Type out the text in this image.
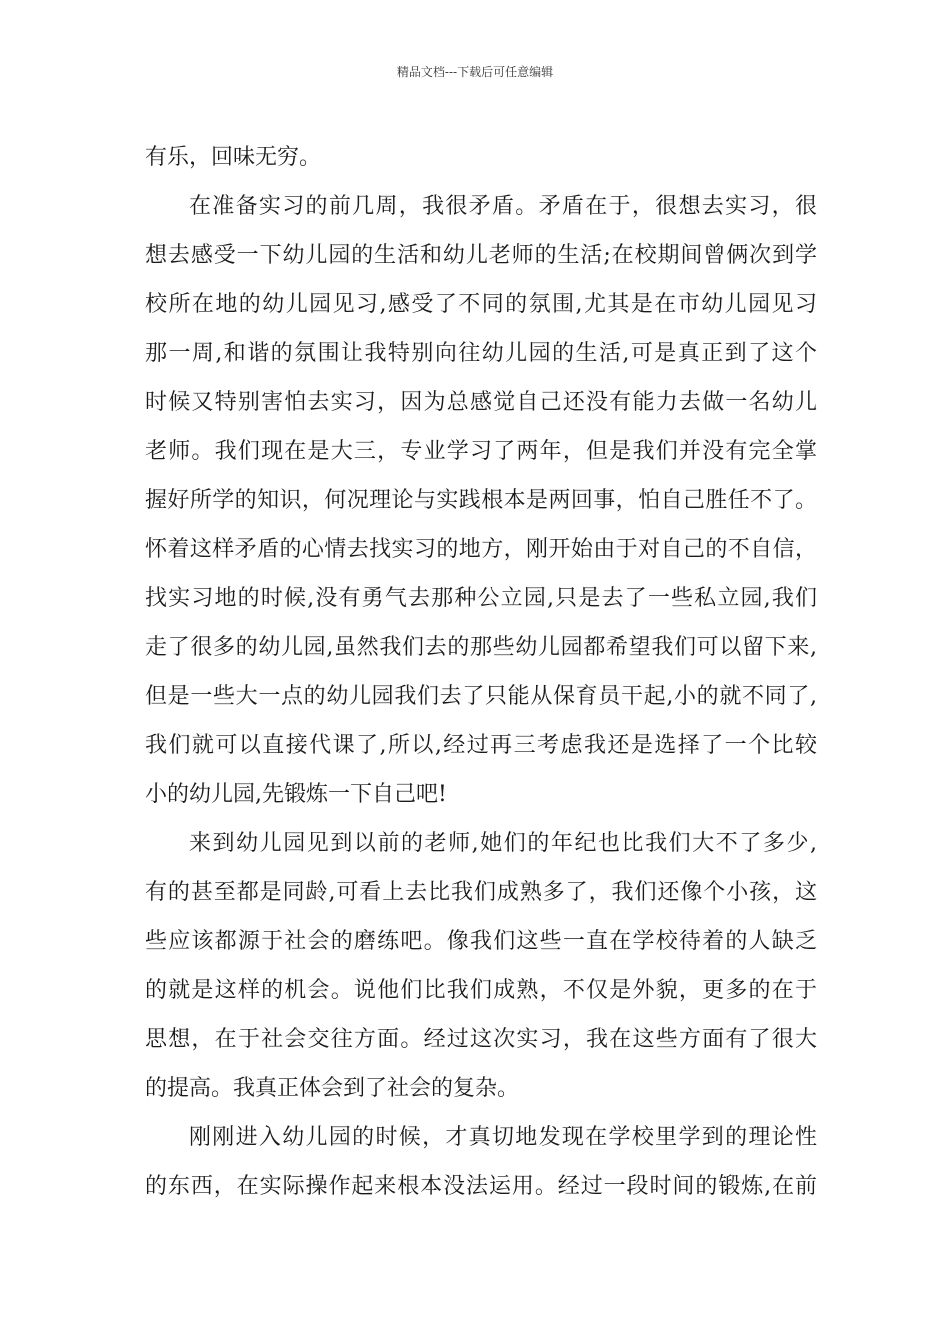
精品文档---下载后可任意编辑
有乐，回味无穷。
在准备实习的前几周，我很矛盾。矛盾在于，很想去实习，很
想去感受一下幼儿园的生活和幼儿老师的生活;在校期间曾俩次到学
校所在地的幼儿园见习,感受了不同的氛围,尤其是在市幼儿园见习
那一周,和谐的氛围让我特别向往幼儿园的生活,可是真正到了这个
时候又特别害怕去实习，因为总感觉自己还没有能力去做一名幼儿
老师。我们现在是大三，专业学习了两年，但是我们并没有完全掌
握好所学的知识，何况理论与实践根本是两回事，怕自己胜任不了。
怀着这样矛盾的心情去找实习的地方，刚开始由于对自己的不自信，
找实习地的时候,没有勇气去那种公立园,只是去了一些私立园,我们
走了很多的幼儿园,虽然我们去的那些幼儿园都希望我们可以留下来,
但是一些大一点的幼儿园我们去了只能从保育员干起,小的就不同了,
我们就可以直接代课了,所以,经过再三考虑我还是选择了一个比较
小的幼儿园,先锻炼一下自己吧!
来到幼儿园见到以前的老师,她们的年纪也比我们大不了多少,
有的甚至都是同龄,可看上去比我们成熟多了，我们还像个小孩，这
些应该都源于社会的磨练吧。像我们这些一直在学校待着的人缺乏
的就是这样的机会。说他们比我们成熟，不仅是外貌，更多的在于
思想，在于社会交往方面。经过这次实习，我在这些方面有了很大
的提高。我真正体会到了社会的复杂。
刚刚进入幼儿园的时候，才真切地发现在学校里学到的理论性
的东西，在实际操作起来根本没法运用。经过一段时间的锻炼,在前
